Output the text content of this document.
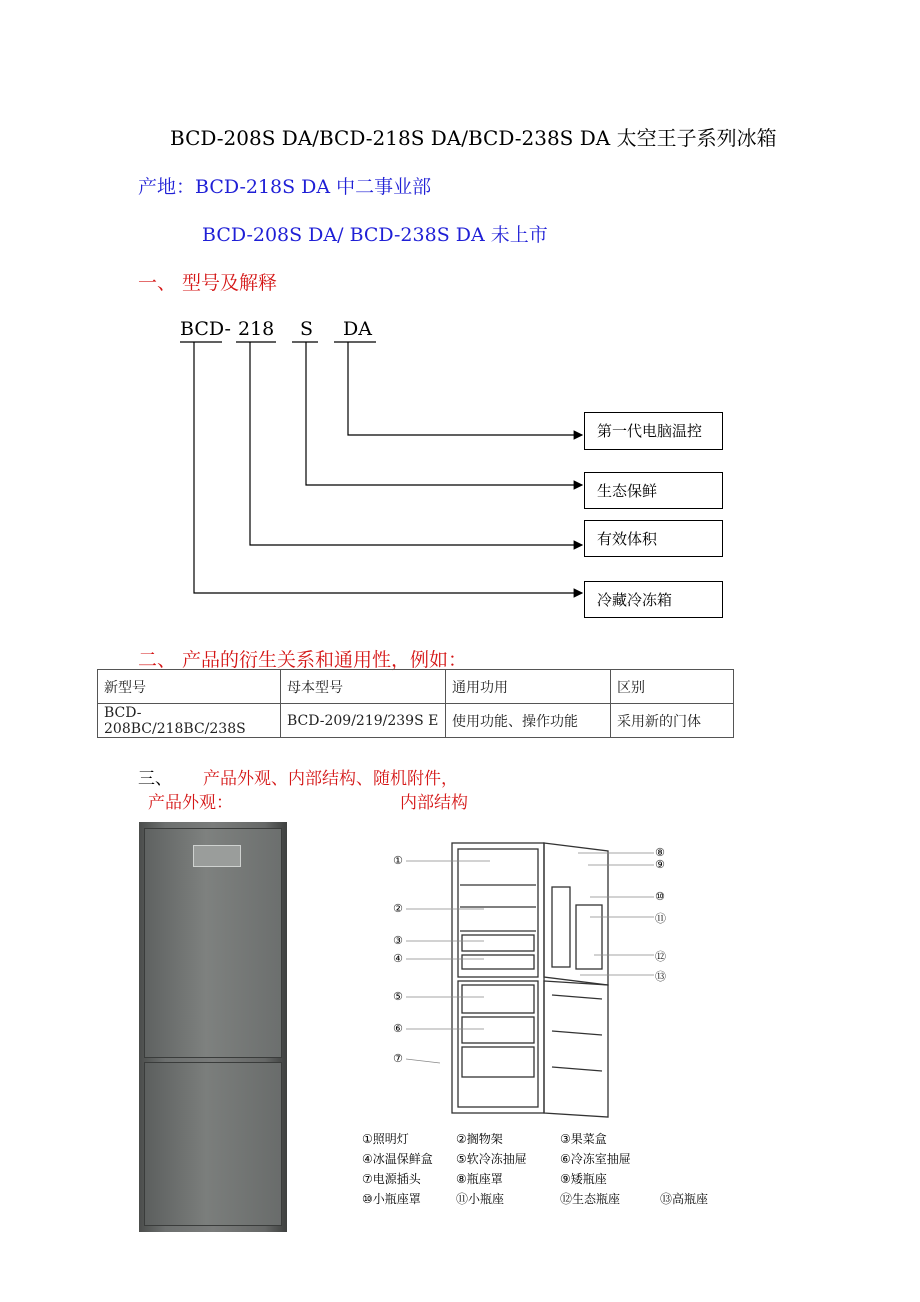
BCD-208S DA/BCD-218S DA/BCD-238S DA 太空王子系列冰箱
产地：BCD-218S DA 中二事业部
BCD-208S DA/ BCD-238S DA 未上市
一、 型号及解释
BCD- 218 S DA
第一代电脑温控
生态保鲜
有效体积
冷藏冷冻箱
二、 产品的衍生关系和通用性，例如：
新型号	母本型号	通用功用	区别
BCD-208BC/218BC/238S	BCD-209/219/239S E	使用功能、操作功能	采用新的门体
三、 产品外观、内部结构、随机附件，
产品外观：	内部结构
①
②
③
④
⑤
⑥
⑦
⑧
⑨
⑩
⑪
⑫
⑬
①照明灯	②搁物架	③果菜盒
④冰温保鲜盒 ⑤软冷冻抽屉	⑥冷冻室抽屉
⑦电源插头	⑧瓶座罩	⑨矮瓶座
⑩小瓶座罩	⑪小瓶座	⑫生态瓶座	⑬高瓶座
